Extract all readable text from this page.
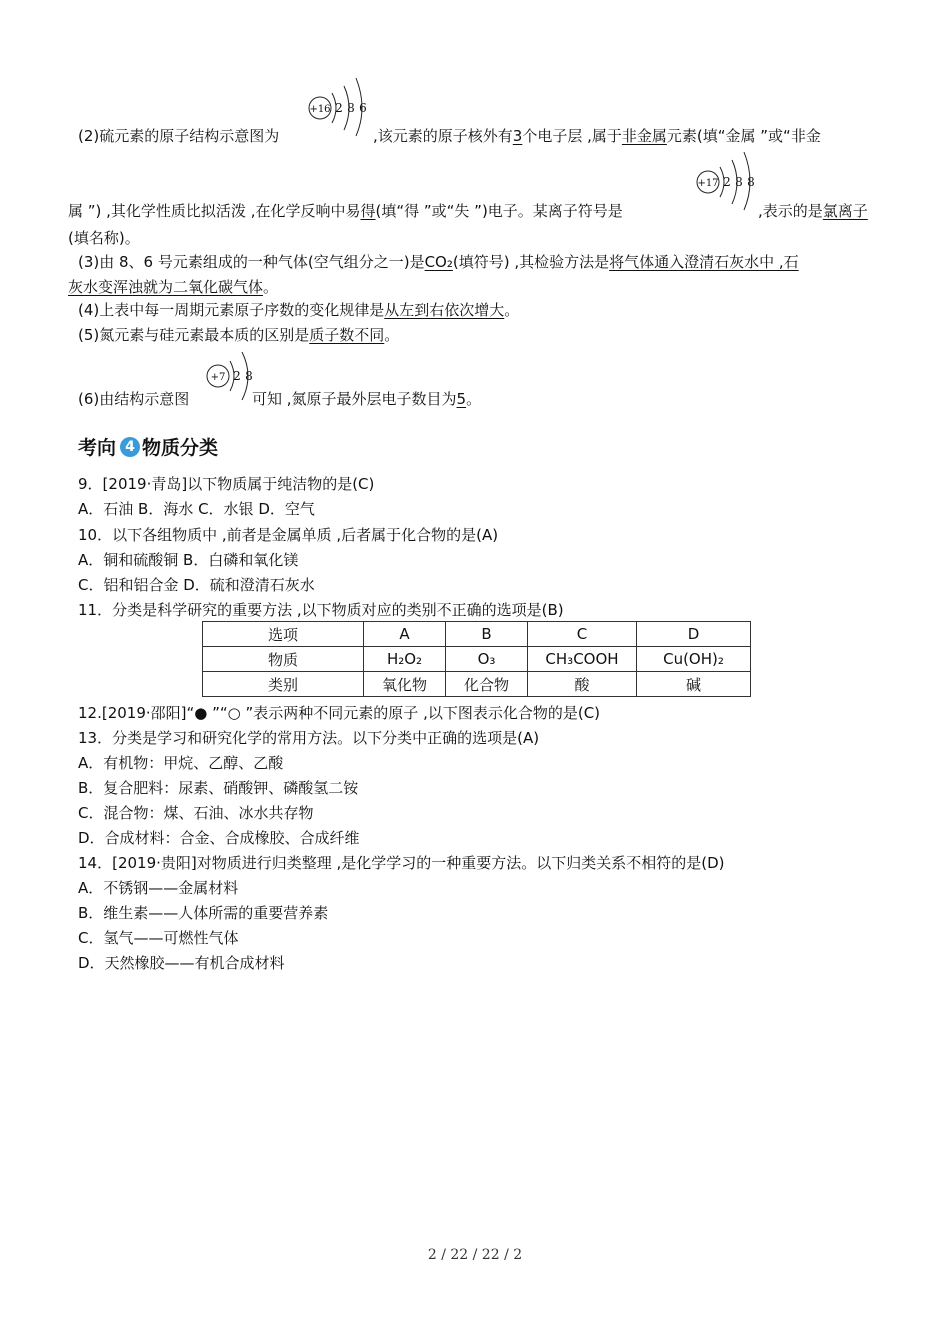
(2)硫元素的原子结构示意图为
+16 2 8 6
,该元素的原子核外有3个电子层 ,属于非金属元素(填“金属 ”或“非金
属 ”) ,其化学性质比拟活泼 ,在化学反响中易得(填“得 ”或“失 ”)电子。某离子符号是
+17 2 8 8
,表示的是氯离子
(填名称)。
(3)由 8、6 号元素组成的一种气体(空气组分之一)是CO₂(填符号) ,其检验方法是将气体通入澄清石灰水中 ,石
灰水变浑浊就为二氧化碳气体。
(4)上表中每一周期元素原子序数的变化规律是从左到右依次增大。
(5)氮元素与硅元素最本质的区别是质子数不同。
(6)由结构示意图
+7 2 8
可知 ,氮原子最外层电子数目为5。
考向 4 物质分类
9．[2019·青岛]以下物质属于纯洁物的是(C)
A．石油 B．海水 C．水银 D．空气
10．以下各组物质中 ,前者是金属单质 ,后者属于化合物的是(A)
A．铜和硫酸铜 B．白磷和氧化镁
C．铝和铝合金 D．硫和澄清石灰水
11．分类是科学研究的重要方法 ,以下物质对应的类别不正确的选项是(B)
选项	A	B	C	D
物质	H₂O₂	O₃	CH₃COOH	Cu(OH)₂
类别	氧化物	化合物	酸	碱
12.[2019·邵阳]“● ”“○ ”表示两种不同元素的原子 ,以下图表示化合物的是(C)
13．分类是学习和研究化学的常用方法。以下分类中正确的选项是(A)
A．有机物：甲烷、乙醇、乙酸
B．复合肥料：尿素、硝酸钾、磷酸氢二铵
C．混合物：煤、石油、冰水共存物
D．合成材料：合金、合成橡胶、合成纤维
14．[2019·贵阳]对物质进行归类整理 ,是化学学习的一种重要方法。以下归类关系不相符的是(D)
A．不锈钢——金属材料
B．维生素——人体所需的重要营养素
C．氢气——可燃性气体
D．天然橡胶——有机合成材料
2 / 22 / 22 / 2
